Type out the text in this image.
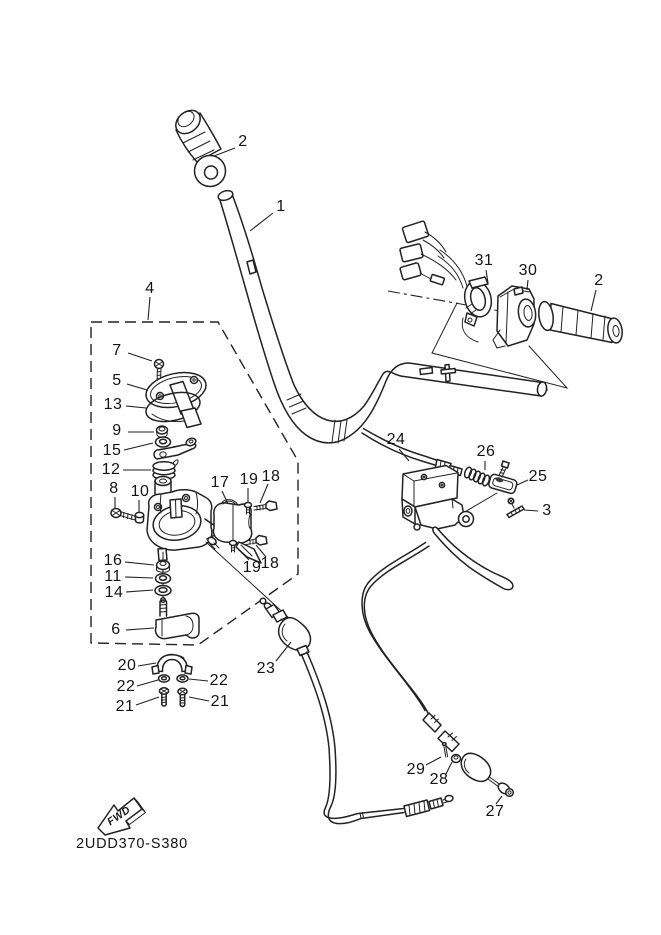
FWD
1
2
2
3
4
5
6
7
8
9
10
11
12
13
14
15
16
17 18
19
18
19
20
21	21
22	22
23
24
25
26
27
28
29
30
31
2UDD370-S380
